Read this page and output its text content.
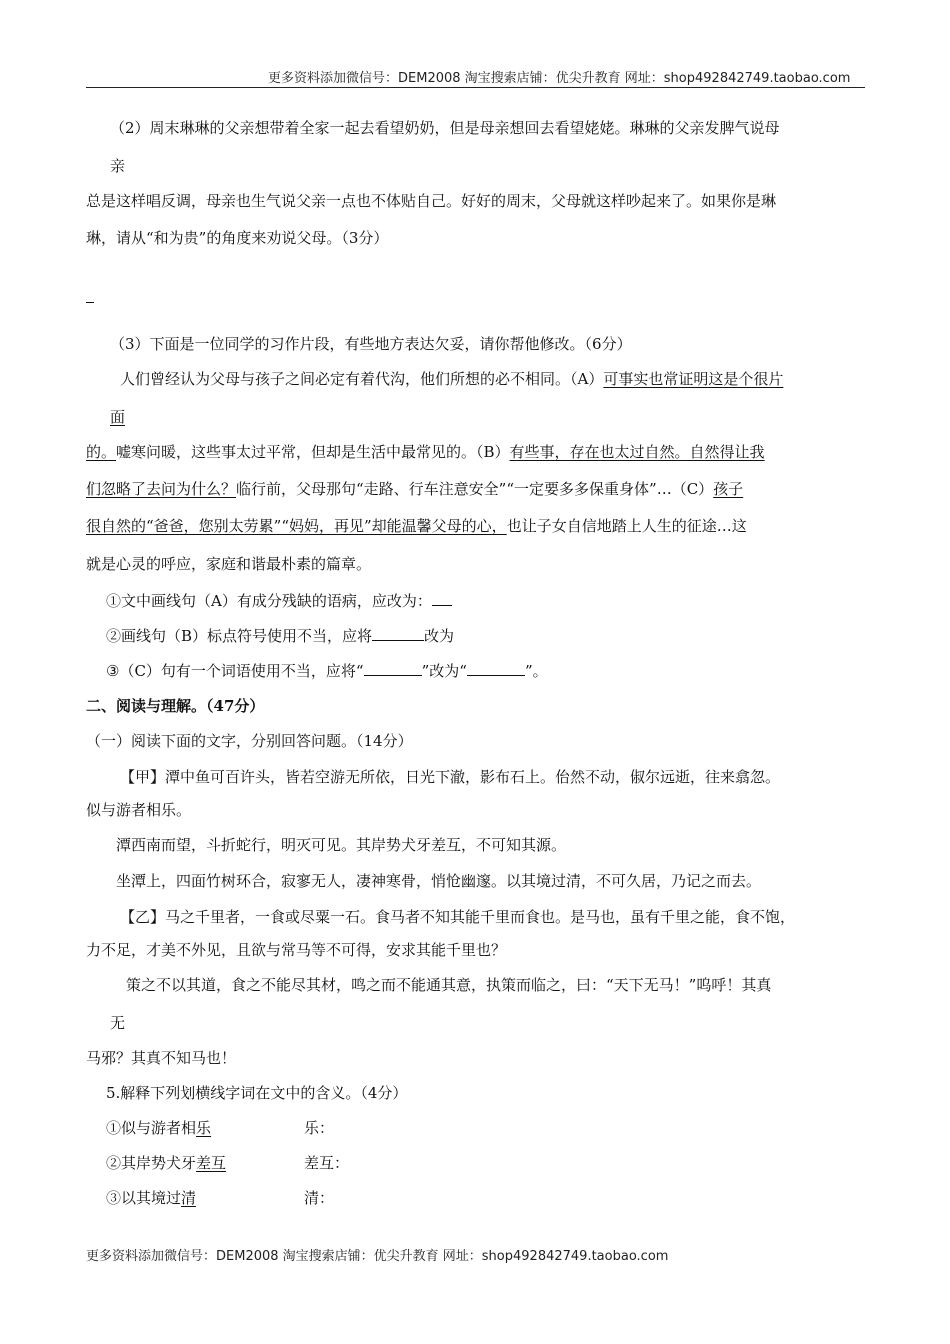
更多资料添加微信号：DEM2008 淘宝搜索店铺：优尖升教育 网址：shop492842749.taobao.com
（2）周末琳琳的父亲想带着全家一起去看望奶奶，但是母亲想回去看望姥姥。琳琳的父亲发脾气说母
亲
总是这样唱反调，母亲也生气说父亲一点也不体贴自己。好好的周末，父母就这样吵起来了。如果你是琳
琳，请从“和为贵”的角度来劝说父母。（3分）
（3）下面是一位同学的习作片段，有些地方表达欠妥，请你帮他修改。（6分）
人们曾经认为父母与孩子之间必定有着代沟，他们所想的必不相同。（A）可事实也常证明这是个很片
面
的。嘘寒问暖，这些事太过平常，但却是生活中最常见的。（B）有些事，存在也太过自然。自然得让我
们忽略了去问为什么？临行前，父母那句“走路、行车注意安全”“一定要多多保重身体”…（C）孩子
很自然的“爸爸，您别太劳累”“妈妈，再见”却能温馨父母的心，也让子女自信地踏上人生的征途…这
就是心灵的呼应，家庭和谐最朴素的篇章。
①文中画线句（A）有成分残缺的语病，应改为：
②画线句（B）标点符号使用不当，应将	改为
③（C）句有一个词语使用不当，应将“	”改为“	”。
二、阅读与理解。（47分）
（一）阅读下面的文字，分别回答问题。（14分）
【甲】潭中鱼可百许头，皆若空游无所依，日光下澈，影布石上。佁然不动，俶尔远逝，往来翕忽。
似与游者相乐。
潭西南而望，斗折蛇行，明灭可见。其岸势犬牙差互，不可知其源。
坐潭上，四面竹树环合，寂寥无人，凄神寒骨，悄怆幽邃。以其境过清，不可久居，乃记之而去。
【乙】马之千里者，一食或尽粟一石。食马者不知其能千里而食也。是马也，虽有千里之能，食不饱，
力不足，才美不外见，且欲与常马等不可得，安求其能千里也？
策之不以其道，食之不能尽其材，鸣之而不能通其意，执策而临之，曰：“天下无马！”呜呼！其真
无
马邪？其真不知马也！
5.解释下列划横线字词在文中的含义。（4分）
①似与游者相乐	乐：
②其岸势犬牙差互	差互：
③以其境过清	清：
更多资料添加微信号：DEM2008 淘宝搜索店铺：优尖升教育 网址：shop492842749.taobao.com
